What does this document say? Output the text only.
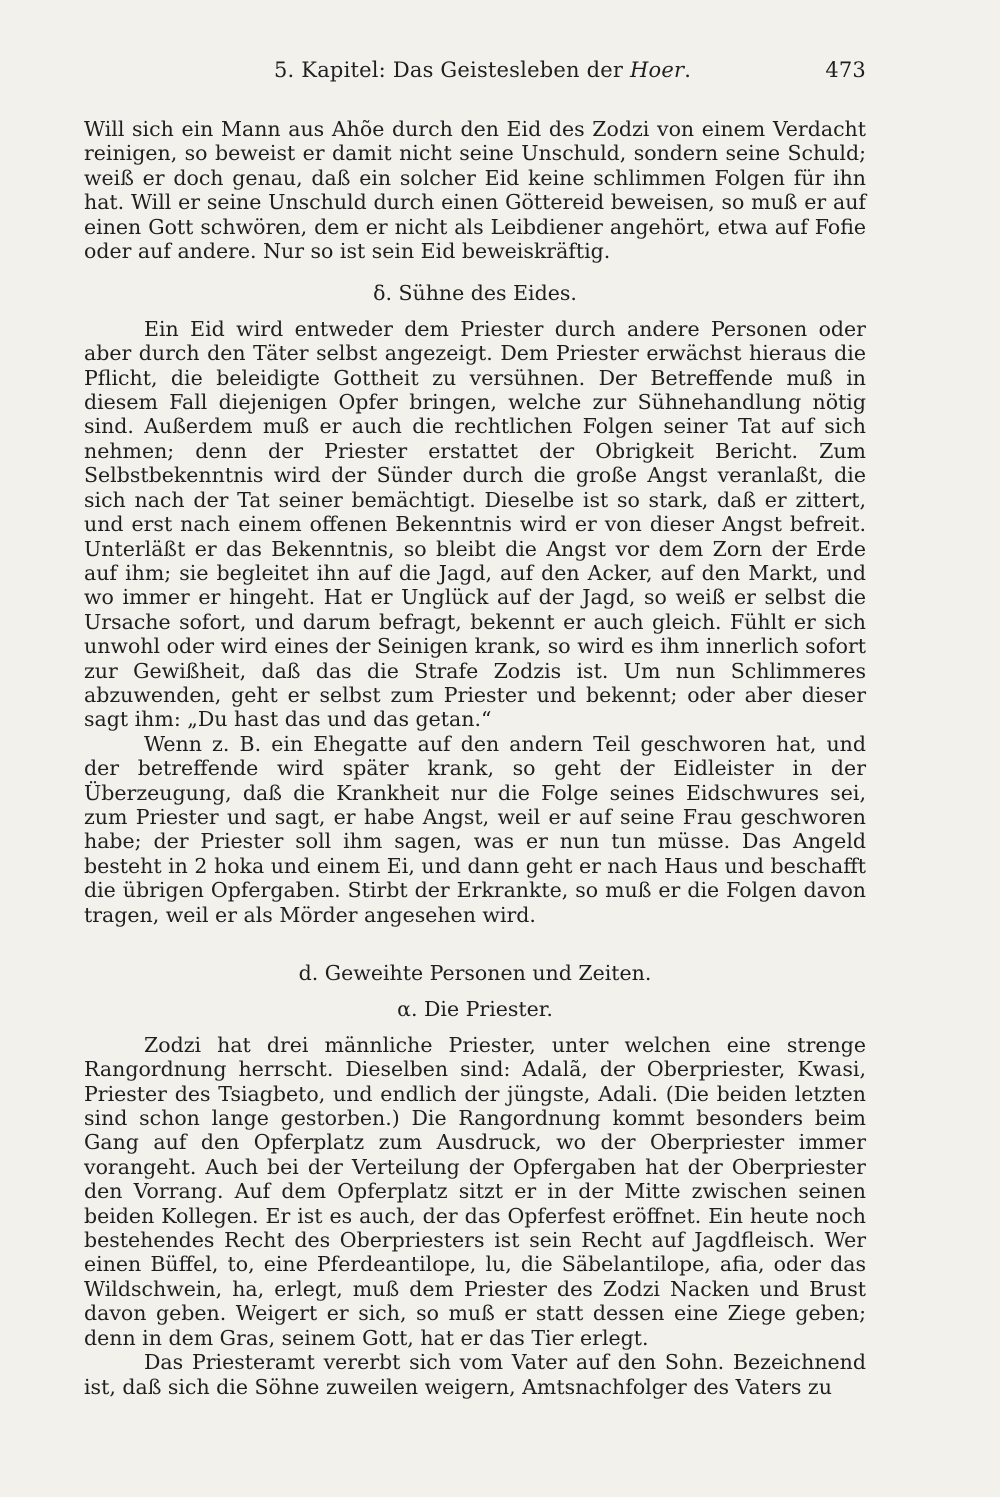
5. Kapitel: Das Geistesleben der Hoer.	473

Will sich ein Mann aus Ahõe durch den Eid des Zodzi von einem Verdacht reinigen, so beweist er damit nicht seine Unschuld, sondern seine Schuld; weiß er doch genau, daß ein solcher Eid keine schlimmen Folgen für ihn hat. Will er seine Unschuld durch einen Göttereid beweisen, so muß er auf einen Gott schwören, dem er nicht als Leibdiener angehört, etwa auf Fofie oder auf andere. Nur so ist sein Eid beweiskräftig.

δ. Sühne des Eides.

Ein Eid wird entweder dem Priester durch andere Personen oder aber durch den Täter selbst angezeigt. Dem Priester erwächst hieraus die Pflicht, die beleidigte Gottheit zu versühnen. Der Betreffende muß in diesem Fall diejenigen Opfer bringen, welche zur Sühnehandlung nötig sind. Außerdem muß er auch die rechtlichen Folgen seiner Tat auf sich nehmen; denn der Priester erstattet der Obrigkeit Bericht. Zum Selbstbekenntnis wird der Sünder durch die große Angst veranlaßt, die sich nach der Tat seiner bemächtigt. Dieselbe ist so stark, daß er zittert, und erst nach einem offenen Bekenntnis wird er von dieser Angst befreit. Unterläßt er das Bekenntnis, so bleibt die Angst vor dem Zorn der Erde auf ihm; sie begleitet ihn auf die Jagd, auf den Acker, auf den Markt, und wo immer er hingeht. Hat er Unglück auf der Jagd, so weiß er selbst die Ursache sofort, und darum befragt, bekennt er auch gleich. Fühlt er sich unwohl oder wird eines der Seinigen krank, so wird es ihm innerlich sofort zur Gewißheit, daß das die Strafe Zodzis ist. Um nun Schlimmeres abzuwenden, geht er selbst zum Priester und bekennt; oder aber dieser sagt ihm: „Du hast das und das getan.“

Wenn z. B. ein Ehegatte auf den andern Teil geschworen hat, und der betreffende wird später krank, so geht der Eidleister in der Überzeugung, daß die Krankheit nur die Folge seines Eidschwures sei, zum Priester und sagt, er habe Angst, weil er auf seine Frau geschworen habe; der Priester soll ihm sagen, was er nun tun müsse. Das Angeld besteht in 2 hoka und einem Ei, und dann geht er nach Haus und beschafft die übrigen Opfergaben. Stirbt der Erkrankte, so muß er die Folgen davon tragen, weil er als Mörder angesehen wird.

d. Geweihte Personen und Zeiten.
α. Die Priester.

Zodzi hat drei männliche Priester, unter welchen eine strenge Rangordnung herrscht. Dieselben sind: Adalã, der Oberpriester, Kwasi, Priester des Tsiagbeto, und endlich der jüngste, Adali. (Die beiden letzten sind schon lange gestorben.) Die Rangordnung kommt besonders beim Gang auf den Opferplatz zum Ausdruck, wo der Oberpriester immer vorangeht. Auch bei der Verteilung der Opfergaben hat der Oberpriester den Vorrang. Auf dem Opferplatz sitzt er in der Mitte zwischen seinen beiden Kollegen. Er ist es auch, der das Opferfest eröffnet. Ein heute noch bestehendes Recht des Oberpriesters ist sein Recht auf Jagdfleisch. Wer einen Büffel, to, eine Pferdeantilope, lu, die Säbelantilope, afia, oder das Wildschwein, ha, erlegt, muß dem Priester des Zodzi Nacken und Brust davon geben. Weigert er sich, so muß er statt dessen eine Ziege geben; denn in dem Gras, seinem Gott, hat er das Tier erlegt.

Das Priesteramt vererbt sich vom Vater auf den Sohn. Bezeichnend ist, daß sich die Söhne zuweilen weigern, Amtsnachfolger des Vaters zu
